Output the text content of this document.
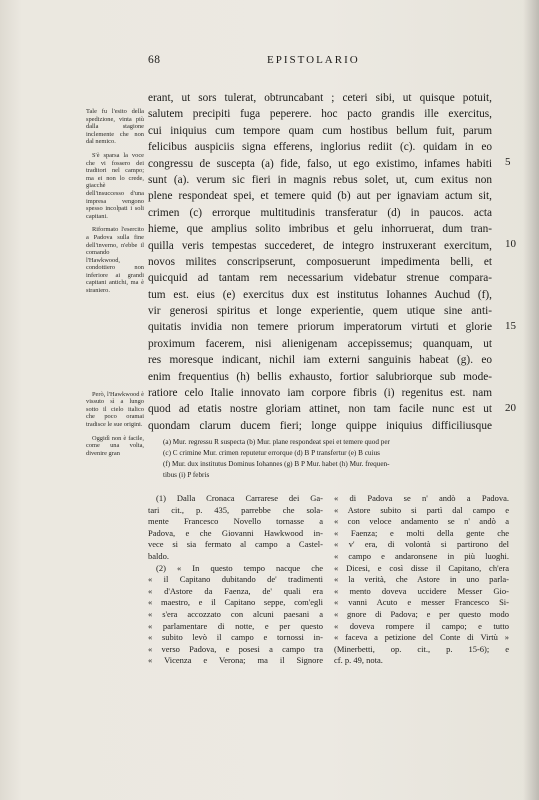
68	EPISTOLARIO

Tale fu l'esito della spedizione, vinta più dalla stagione inclemente che non dal nemico.

S'è sparsa la voce che vi fossero dei traditori nel campo; ma ei non lo crede, giacchè dell'insuccesso d'una impresa vengono spesso incolpati i soli capitani.

Riformato l'esercito a Padova sulla fine dell'inverno, n'ebbe il comando l'Hawkwood, condottiero non inferiore ai grandi capitani antichi, ma è straniero.

Però, l'Hawkwood è vissuto sì a lungo sotto il cielo italico che poco oramai tradisce le sue origini.

Oggidì non è facile, come una volta, divenire gran

erant, ut sors tulerat, obtruncabant ; ceteri sibi, ut quisque potuit,
salutem precipiti fuga peperere. hoc pacto grandis ille exercitus,
cui iniquius cum tempore quam cum hostibus bellum fuit, parum
felicibus auspiciis signa efferens, inglorius rediit (c). quidam in eo
congressu de suscepta (a) fide, falso, ut ego existimo, infames habiti
sunt (a). verum sic fieri in magnis rebus solet, ut, cum exitus non
plene respondeat spei, et temere quid (b) aut per ignaviam actum sit,
crimen (c) errorque multitudinis transferatur (d) in paucos. acta
hieme, que amplius solito imbribus et gelu inhorruerat, dum tran-
quilla veris tempestas succederet, de integro instruxerant exercitum,
novos milites conscripserunt, composuerunt impedimenta belli, et
quicquid ad tantam rem necessarium videbatur strenue compara-
tum est. eius (e) exercitus dux est institutus Iohannes Auchud (f),
vir generosi spiritus et longe experientie, quem utique sine anti-
quitatis invidia non temere priorum imperatorum virtuti et glorie
proximum facerem, nisi alienigenam accepissemus; quanquam, ut
res moresque indicant, nichil iam externi sanguinis habeat (g). eo
enim frequentius (h) bellis exhausto, fortior salubriorque sub mode-
ratiore celo Italie innovato iam corpore fibris (i) regenitus est. nam
quod ad etatis nostre gloriam attinet, non tam facile nunc est ut
quondam clarum ducem fieri; longe quippe iniquius difficiliusque
5
10
15
20
(a) Mur. regressu R suspecta (b) Mur. plane respondeat spei et temere quod per
(c) C crimine Mur. crimen reputetur errorque (d) B P transfertur (e) B cuius
(f) Mur. dux institutus Dominus Iohannes (g) B P Mur. habet (h) Mur. frequen-
tibus (i) P febris
(1) Dalla Cronaca Carrarese dei Ga-
tari cit., p. 435, parrebbe che sola-
mente Francesco Novello tornasse a
Padova, e che Giovanni Hawkwood in-
vece si sia fermato al campo a Castel-
baldo.
(2) « In questo tempo nacque che
« il Capitano dubitando de' tradimenti
« d'Astore da Faenza, de' quali era
« maestro, e il Capitano seppe, com'egli
« s'era accozzato con alcuni paesani a
« parlamentare di notte, e per questo
« subito levò il campo e tornossi in-
« verso Padova, e posesi a campo tra
« Vicenza e Verona; ma il Signore
« di Padova se n' andò a Padova.
« Astore subito si partì dal campo e
« con veloce andamento se n' andò a
« Faenza; e molti della gente che
« v' era, di volontà si partirono del
« campo e andaronsene in più luoghi.
« Dicesi, e così disse il Capitano, ch'era
« la verità, che Astore in uno parla-
« mento doveva uccidere Messer Gio-
« vanni Acuto e messer Francesco Si-
« gnore di Padova; e per questo modo
« doveva rompere il campo; e tutto
« faceva a petizione del Conte di Virtù »
(Minerbetti, op. cit., p. 15-6); e
cf. p. 49, nota.
